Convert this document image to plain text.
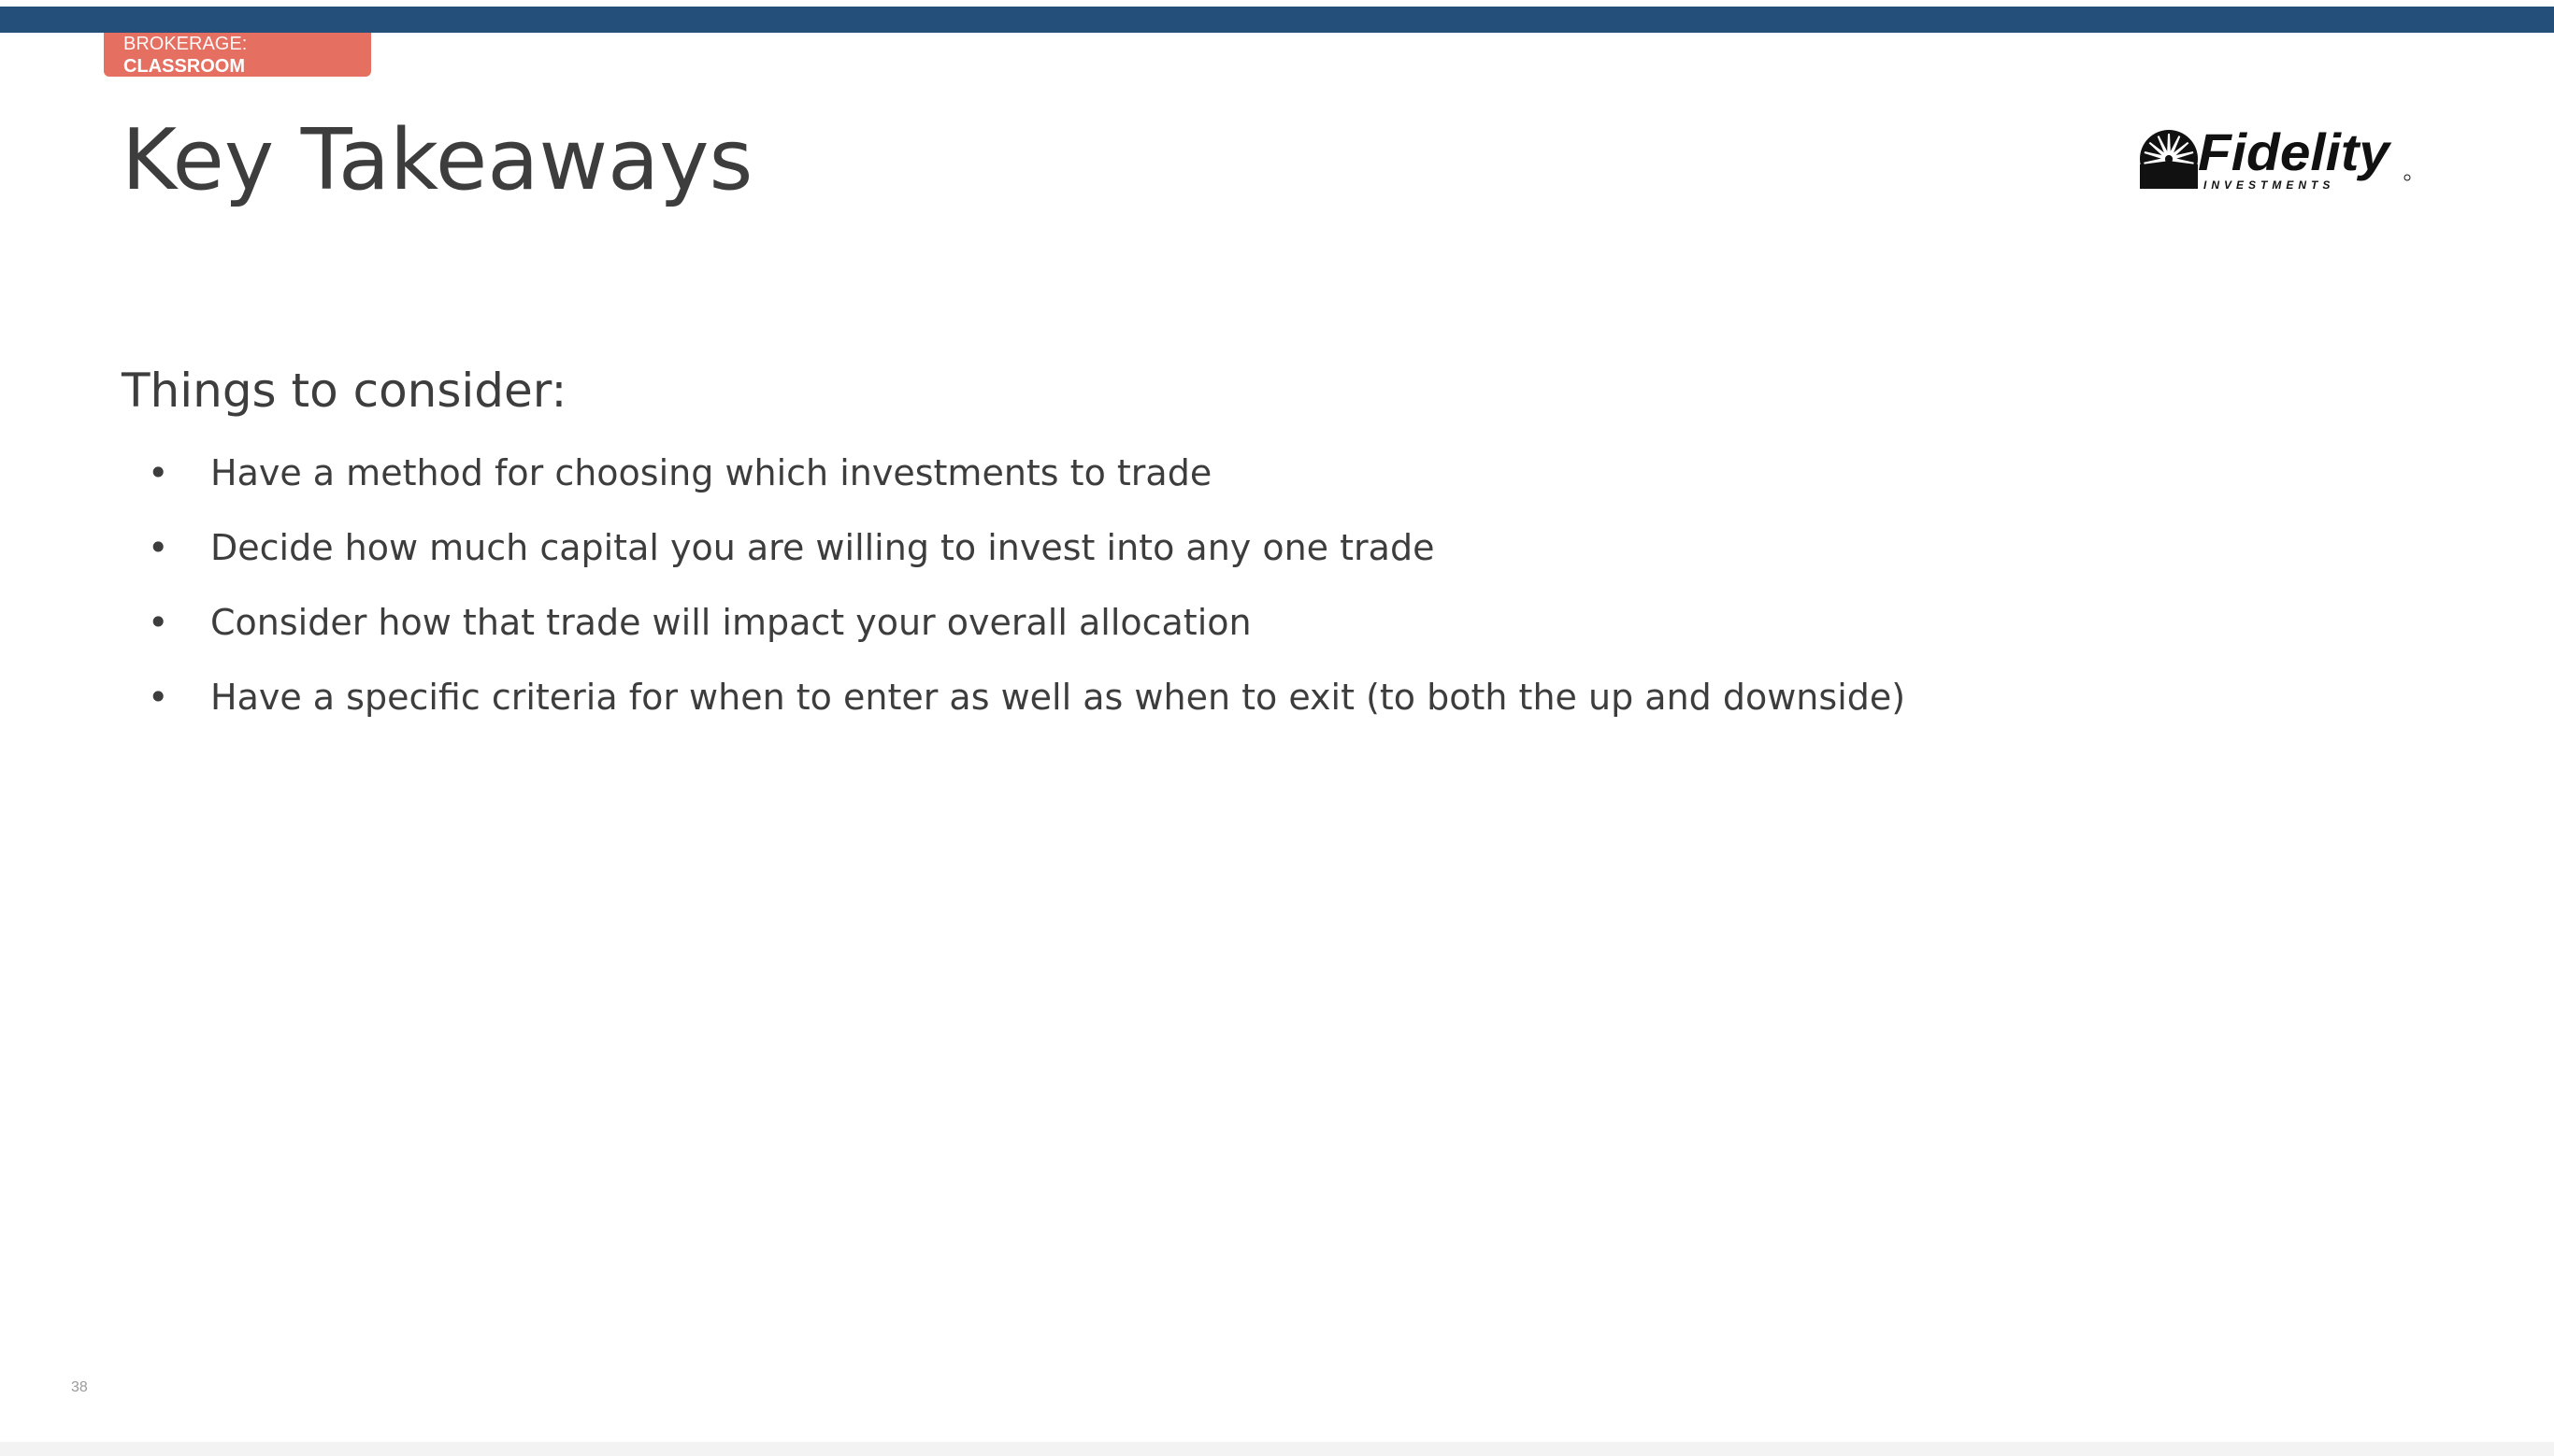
BROKERAGE:
CLASSROOM
Key Takeaways	Fidelity
INVESTMENTS
Things to consider:
• Have a method for choosing which investments to trade
• Decide how much capital you are willing to invest into any one trade
• Consider how that trade will impact your overall allocation
• Have a specific criteria for when to enter as well as when to exit (to both the up and downside)
38
